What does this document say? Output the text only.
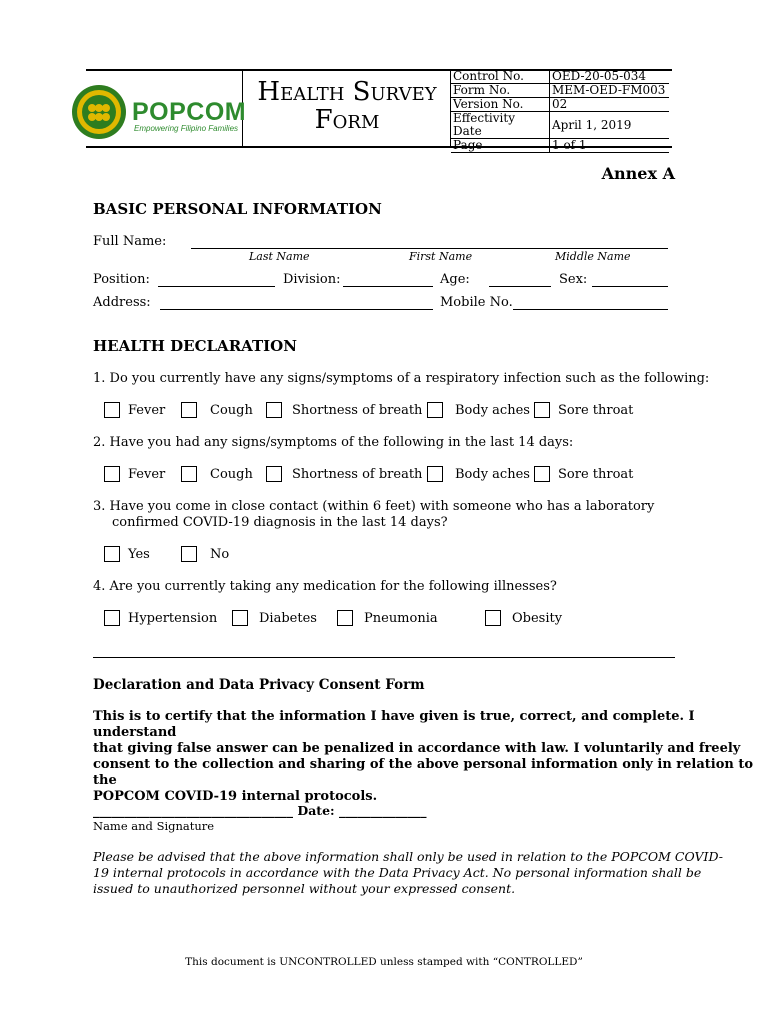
POPCOM
Empowering Filipino Families
Health Survey
Form
Control No.	OED-20-05-034
Form No.	MEM-OED-FM003
Version No.	02
Effectivity Date	April 1, 2019
Page	1 of 1
Annex A
BASIC PERSONAL INFORMATION
Full Name:
Last Name	First Name	Middle Name
Position:	Division:	Age:	Sex:
Address:	Mobile No.
HEALTH DECLARATION
1. Do you currently have any signs/symptoms of a respiratory infection such as the following:
Fever	Cough	Shortness of breath	Body aches Sore throat
2. Have you had any signs/symptoms of the following in the last 14 days:
Fever	Cough	Shortness of breath	Body aches Sore throat
3. Have you come in close contact (within 6 feet) with someone who has a laboratory
confirmed COVID-19 diagnosis in the last 14 days?
Yes	No
4. Are you currently taking any medication for the following illnesses?
Hypertension	Diabetes	Pneumonia	Obesity
Declaration and Data Privacy Consent Form
This is to certify that the information I have given is true, correct, and complete. I understand
that giving false answer can be penalized in accordance with law. I voluntarily and freely
consent to the collection and sharing of the above personal information only in relation to the
POPCOM COVID-19 internal protocols.
________________________________ Date: ______________
Name and Signature
Please be advised that the above information shall only be used in relation to the POPCOM COVID-
19 internal protocols in accordance with the Data Privacy Act. No personal information shall be
issued to unauthorized personnel without your expressed consent.
This document is UNCONTROLLED unless stamped with “CONTROLLED”
